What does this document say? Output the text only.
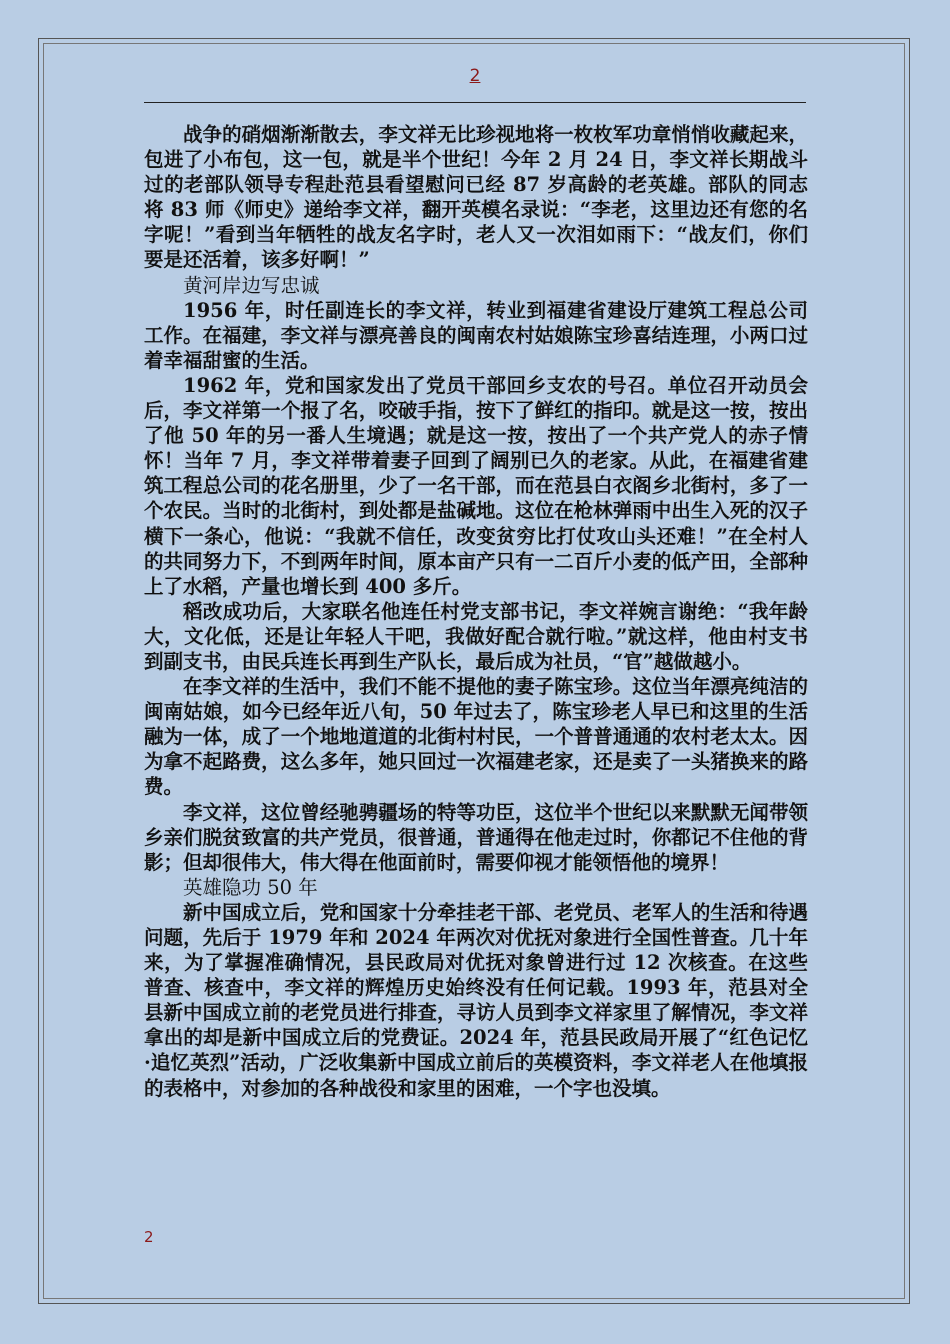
2

战争的硝烟渐渐散去，李文祥无比珍视地将一枚枚军功章悄悄收藏起来，包进了小布包，这一包，就是半个世纪！今年 2 月 24 日，李文祥长期战斗过的老部队领导专程赴范县看望慰问已经 87 岁高龄的老英雄。部队的同志将 83 师《师史》递给李文祥，翻开英模名录说：“李老，这里边还有您的名字呢！”看到当年牺牲的战友名字时，老人又一次泪如雨下：“战友们，你们要是还活着，该多好啊！”

黄河岸边写忠诚

1956 年，时任副连长的李文祥，转业到福建省建设厅建筑工程总公司工作。在福建，李文祥与漂亮善良的闽南农村姑娘陈宝珍喜结连理，小两口过着幸福甜蜜的生活。

1962 年，党和国家发出了党员干部回乡支农的号召。单位召开动员会后，李文祥第一个报了名，咬破手指，按下了鲜红的指印。就是这一按，按出了他 50 年的另一番人生境遇；就是这一按，按出了一个共产党人的赤子情怀！当年 7 月，李文祥带着妻子回到了阔别已久的老家。从此，在福建省建筑工程总公司的花名册里，少了一名干部，而在范县白衣阁乡北街村，多了一个农民。当时的北街村，到处都是盐碱地。这位在枪林弹雨中出生入死的汉子横下一条心，他说：“我就不信任，改变贫穷比打仗攻山头还难！”在全村人的共同努力下，不到两年时间，原本亩产只有一二百斤小麦的低产田，全部种上了水稻，产量也增长到 400 多斤。

稻改成功后，大家联名他连任村党支部书记，李文祥婉言谢绝：“我年龄大，文化低，还是让年轻人干吧，我做好配合就行啦。”就这样，他由村支书到副支书，由民兵连长再到生产队长，最后成为社员，“官”越做越小。

在李文祥的生活中，我们不能不提他的妻子陈宝珍。这位当年漂亮纯洁的闽南姑娘，如今已经年近八旬，50 年过去了，陈宝珍老人早已和这里的生活融为一体，成了一个地地道道的北街村村民，一个普普通通的农村老太太。因为拿不起路费，这么多年，她只回过一次福建老家，还是卖了一头猪换来的路费。

李文祥，这位曾经驰骋疆场的特等功臣，这位半个世纪以来默默无闻带领乡亲们脱贫致富的共产党员，很普通，普通得在他走过时，你都记不住他的背影；但却很伟大，伟大得在他面前时，需要仰视才能领悟他的境界！

英雄隐功 50 年

新中国成立后，党和国家十分牵挂老干部、老党员、老军人的生活和待遇问题，先后于 1979 年和 2024 年两次对优抚对象进行全国性普查。几十年来，为了掌握准确情况，县民政局对优抚对象曾进行过 12 次核查。在这些普查、核查中，李文祥的辉煌历史始终没有任何记载。1993 年，范县对全县新中国成立前的老党员进行排查，寻访人员到李文祥家里了解情况，李文祥拿出的却是新中国成立后的党费证。2024 年，范县民政局开展了“红色记忆·追忆英烈”活动，广泛收集新中国成立前后的英模资料，李文祥老人在他填报的表格中，对参加的各种战役和家里的困难，一个字也没填。

2
